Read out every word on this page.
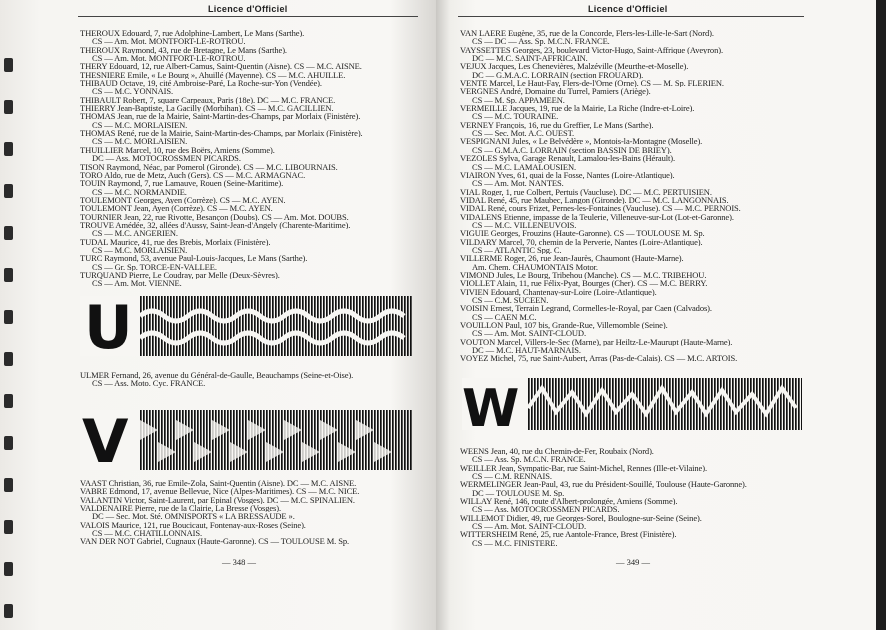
Licence d'Officiel
THEROUX Edouard, 7, rue Adolphine-Lambert, Le Mans (Sarthe).
CS — Am. Mot. MONTFORT-LE-ROTROU.
THEROUX Raymond, 43, rue de Bretagne, Le Mans (Sarthe).
CS — Am. Mot. MONTFORT-LE-ROTROU.
THERY Edouard, 12, rue Albert-Camus, Saint-Quentin (Aisne). CS — M.C. AISNE.
THESNIERE Emile, « Le Bourg », Ahuillé (Mayenne). CS — M.C. AHUILLE.
THIBAUD Octave, 19, cité Ambroise-Paré, La Roche-sur-Yon (Vendée).
CS — M.C. YONNAIS.
THIBAULT Robert, 7, square Carpeaux, Paris (18e). DC — M.C. FRANCE.
THIERRY Jean-Baptiste, La Gacilly (Morbihan). CS — M.C. GACILLIEN.
THOMAS Jean, rue de la Mairie, Saint-Martin-des-Champs, par Morlaix (Finistère).
CS — M.C. MORLAISIEN.
THOMAS René, rue de la Mairie, Saint-Martin-des-Champs, par Morlaix (Finistère).
CS — M.C. MORLAISIEN.
THUILLIER Marcel, 10, rue des Boërs, Amiens (Somme).
DC — Ass. MOTOCROSSMEN PICARDS.
TISON Raymond, Néac, par Pomerol (Gironde). CS — M.C. LIBOURNAIS.
TORO Aldo, rue de Metz, Auch (Gers). CS — M.C. ARMAGNAC.
TOUIN Raymond, 7, rue Lamauve, Rouen (Seine-Maritime).
CS — M.C. NORMANDIE.
TOULEMONT Georges, Ayen (Corrèze). CS — M.C. AYEN.
TOULEMONT Jean, Ayen (Corrèze). CS — M.C. AYEN.
TOURNIER Jean, 22, rue Rivotte, Besançon (Doubs). CS — Am. Mot. DOUBS.
TROUVE Amédée, 32, allées d'Aussy, Saint-Jean-d'Angely (Charente-Maritime).
CS — M.C. ANGERIEN.
TUDAL Maurice, 41, rue des Brebis, Morlaix (Finistère).
CS — M.C. MORLAISIEN.
TURC Raymond, 53, avenue Paul-Louis-Jacques, Le Mans (Sarthe).
CS — Gr. Sp. TORCE-EN-VALLEE.
TURQUAND Pierre, Le Coudray, par Melle (Deux-Sèvres).
CS — Am. Mot. VIENNE.
U
ULMER Fernand, 26, avenue du Général-de-Gaulle, Beauchamps (Seine-et-Oise).
CS — Ass. Moto. Cyc. FRANCE.
V
VAAST Christian, 36, rue Emile-Zola, Saint-Quentin (Aisne). DC — M.C. AISNE.
VABRE Edmond, 17, avenue Bellevue, Nice (Alpes-Maritimes). CS — M.C. NICE.
VALANTIN Victor, Saint-Laurent, par Epinal (Vosges). DC — M.C. SPINALIEN.
VALDENAIRE Pierre, rue de la Clairie, La Bresse (Vosges).
DC — Sec. Mot. Sté. OMNISPORTS « LA BRESSAUDE ».
VALOIS Maurice, 121, rue Boucicaut, Fontenay-aux-Roses (Seine).
CS — M.C. CHATILLONNAIS.
VAN DER NOT Gabriel, Cugnaux (Haute-Garonne). CS — TOULOUSE M. Sp.
— 348 —
Licence d'Officiel
VAN LAERE Eugène, 35, rue de la Concorde, Flers-les-Lille-le-Sart (Nord).
CS — DC — Ass. Sp. M.C.N. FRANCE.
VAYSSETTES Georges, 23, boulevard Victor-Hugo, Saint-Affrique (Aveyron).
DC — M.C. SAINT-AFFRICAIN.
VEJUX Jacques, Les Chenevières, Malzéville (Meurthe-et-Moselle).
DC — G.M.A.C. LORRAIN (section FROUARD).
VENTE Marcel, Le Haut-Fay, Flers-de-l'Orne (Orne). CS — M. Sp. FLERIEN.
VERGNES André, Domaine du Turrel, Pamiers (Ariège).
CS — M. Sp. APPAMEEN.
VERMEILLE Jacques, 19, rue de la Mairie, La Riche (Indre-et-Loire).
CS — M.C. TOURAINE.
VERNEY François, 16, rue du Greffier, Le Mans (Sarthe).
CS — Sec. Mot. A.C. OUEST.
VESPIGNANI Jules, « Le Belvédère », Montois-la-Montagne (Moselle).
CS — G.M.A.C. LORRAIN (section BASSIN DE BRIEY).
VEZOLES Sylva, Garage Renault, Lamalou-les-Bains (Hérault).
CS — M.C. LAMALOUSIEN.
VIAIRON Yves, 61, quai de la Fosse, Nantes (Loire-Atlantique).
CS — Am. Mot. NANTES.
VIAL Roger, 1, rue Colbert, Pertuis (Vaucluse). DC — M.C. PERTUISIEN.
VIDAL René, 45, rue Maubec, Langon (Gironde). DC — M.C. LANGONNAIS.
VIDAL René, cours Frizet, Pernes-les-Fontaines (Vaucluse). CS — M.C. PERNOIS.
VIDALENS Etienne, impasse de la Teulerie, Villeneuve-sur-Lot (Lot-et-Garonne).
CS — M.C. VILLENEUVOIS.
VIGUIE Georges, Frouzins (Haute-Garonne). CS — TOULOUSE M. Sp.
VILDARY Marcel, 70, chemin de la Perverie, Nantes (Loire-Atlantique).
CS — ATLANTIC Spg. C.
VILLERME Roger, 26, rue Jean-Jaurès, Chaumont (Haute-Marne).
Am. Chem. CHAUMONTAIS Motor.
VIMOND Jules, Le Bourg, Tribehou (Manche). CS — M.C. TRIBEHOU.
VIOLLET Alain, 11, rue Félix-Pyat, Bourges (Cher). CS — M.C. BERRY.
VIVIEN Edouard, Chantenay-sur-Loire (Loire-Atlantique).
CS — C.M. SUCEEN.
VOISIN Ernest, Terrain Legrand, Cormelles-le-Royal, par Caen (Calvados).
CS — CAEN M.C.
VOUILLON Paul, 107 bis, Grande-Rue, Villemomble (Seine).
CS — Am. Mot. SAINT-CLOUD.
VOUTON Marcel, Villers-le-Sec (Marne), par Heiltz-Le-Maurupt (Haute-Marne).
DC — M.C. HAUT-MARNAIS.
VOYEZ Michel, 75, rue Saint-Aubert, Arras (Pas-de-Calais). CS — M.C. ARTOIS.
W
WEENS Jean, 40, rue du Chemin-de-Fer, Roubaix (Nord).
CS — Ass. Sp. M.C.N. FRANCE.
WEILLER Jean, Sympatic-Bar, rue Saint-Michel, Rennes (Ille-et-Vilaine).
CS — C.M. RENNAIS.
WERMELINGER Jean-Paul, 43, rue du Président-Souillé, Toulouse (Haute-Garonne).
DC — TOULOUSE M. Sp.
WILLAY René, 146, route d'Albert-prolongée, Amiens (Somme).
CS — Ass. MOTOCROSSMEN PICARDS.
WILLEMOT Didier, 49, rue Georges-Sorel, Boulogne-sur-Seine (Seine).
CS — Am. Mot. SAINT-CLOUD.
WITTERSHEIM René, 25, rue Aantole-France, Brest (Finistère).
CS — M.C. FINISTERE.
— 349 —
